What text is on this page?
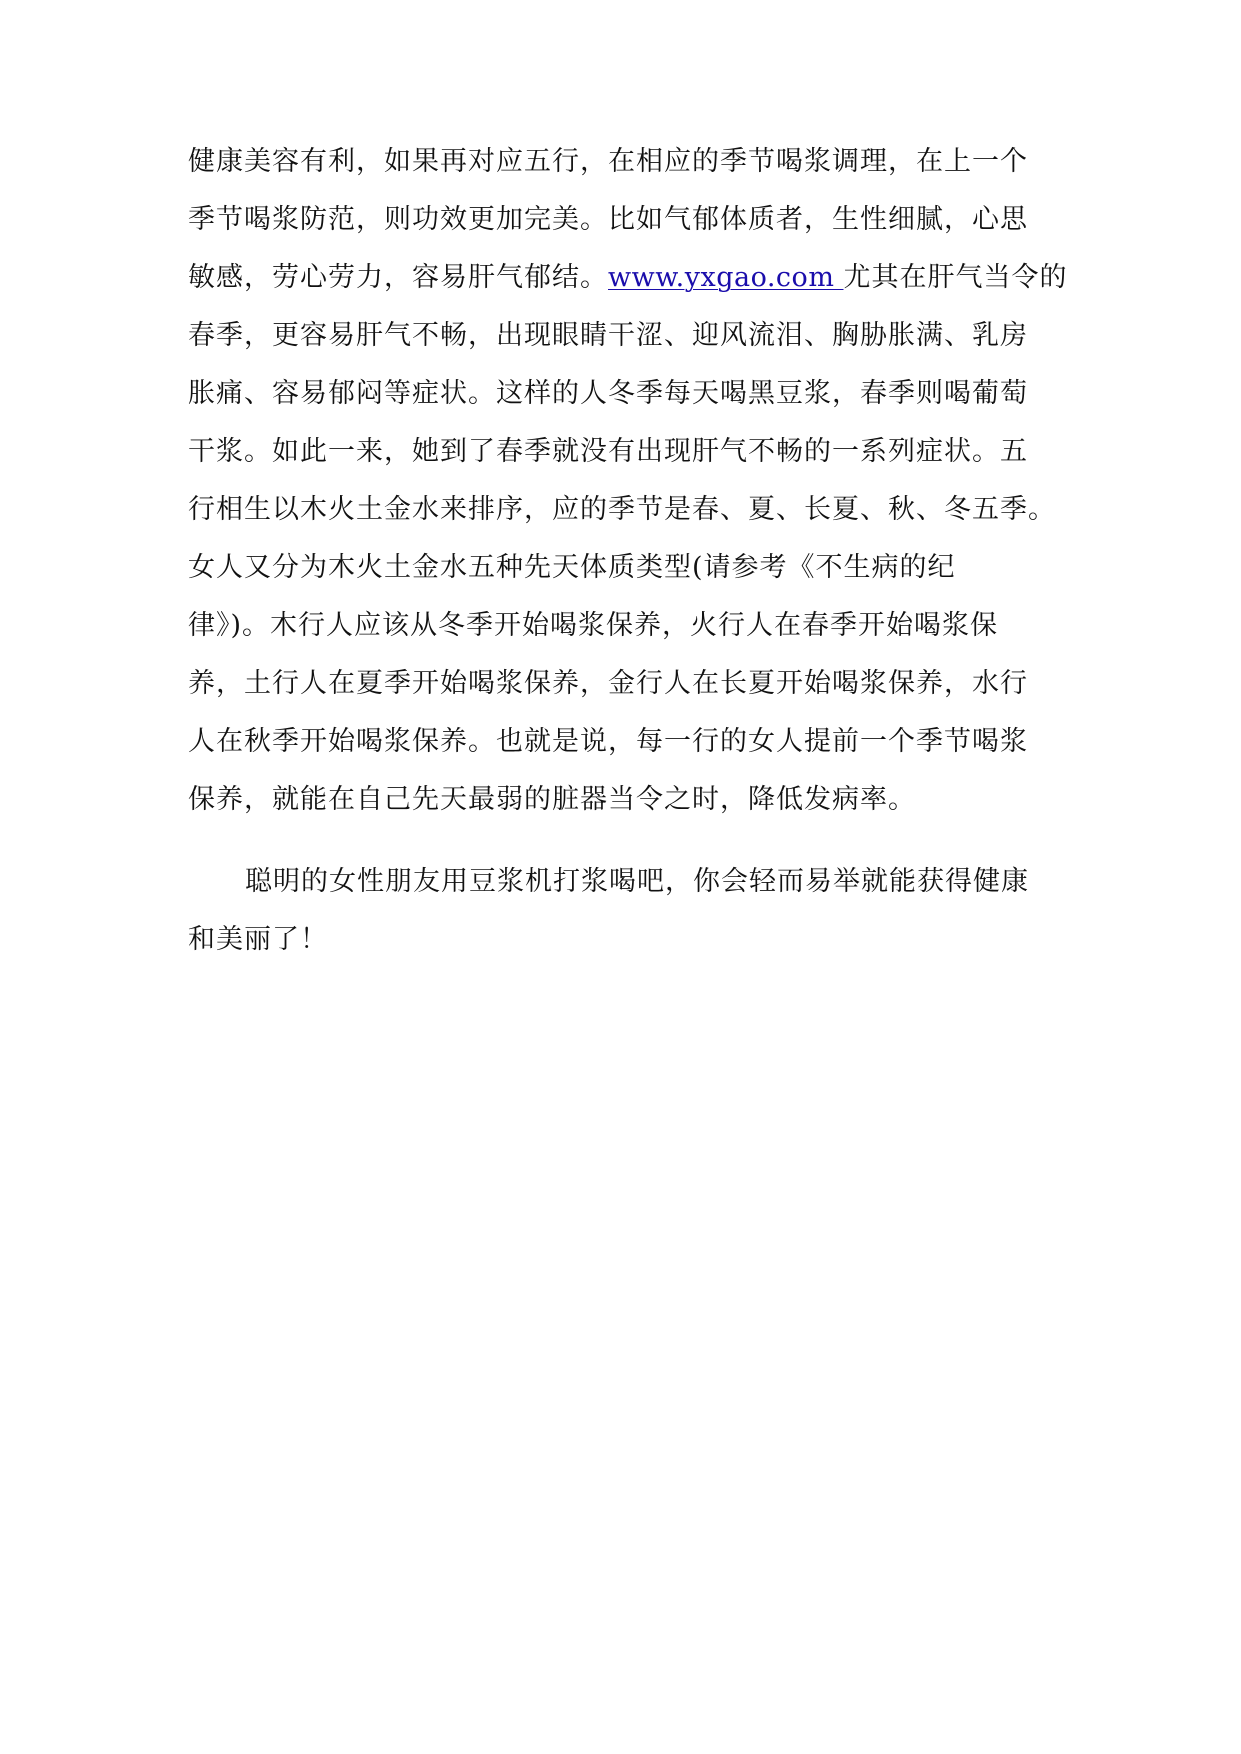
健康美容有利，如果再对应五行，在相应的季节喝浆调理，在上一个
季节喝浆防范，则功效更加完美。比如气郁体质者，生性细腻，心思
敏感，劳心劳力，容易肝气郁结。www.yxgao.com 尤其在肝气当令的
春季，更容易肝气不畅，出现眼睛干涩、迎风流泪、胸胁胀满、乳房
胀痛、容易郁闷等症状。这样的人冬季每天喝黑豆浆，春季则喝葡萄
干浆。如此一来，她到了春季就没有出现肝气不畅的一系列症状。五
行相生以木火土金水来排序，应的季节是春、夏、长夏、秋、冬五季。
女人又分为木火土金水五种先天体质类型(请参考《不生病的纪
律》)。木行人应该从冬季开始喝浆保养，火行人在春季开始喝浆保
养，土行人在夏季开始喝浆保养，金行人在长夏开始喝浆保养，水行
人在秋季开始喝浆保养。也就是说，每一行的女人提前一个季节喝浆
保养，就能在自己先天最弱的脏器当令之时，降低发病率。
聪明的女性朋友用豆浆机打浆喝吧，你会轻而易举就能获得健康
和美丽了！
